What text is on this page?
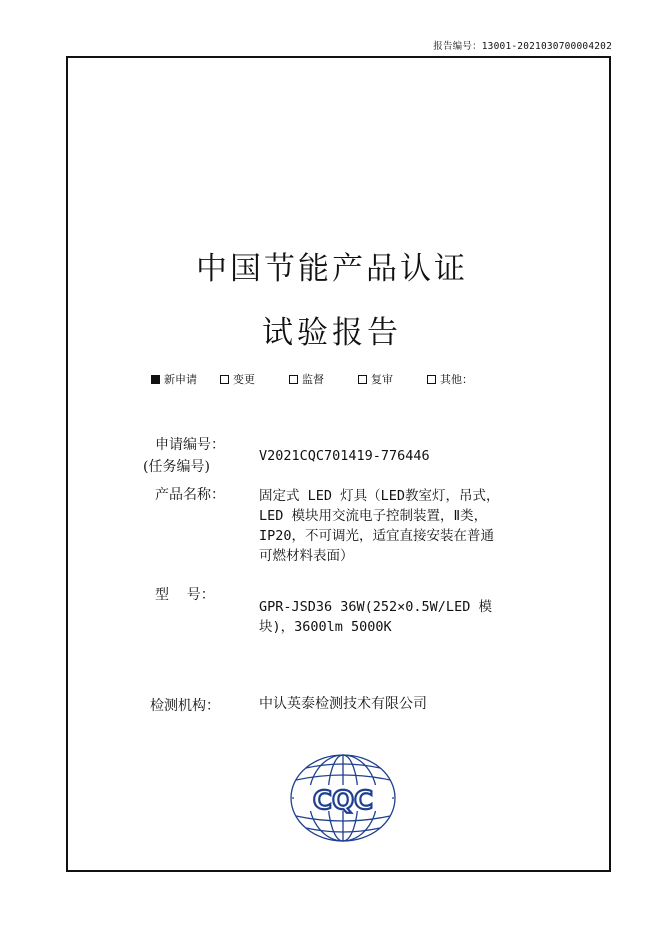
报告编号：13001-2021030700004202
中国节能产品认证
试验报告
新申请	变更	监督	复审	其他：
申请编号：
(任务编号)
V2021CQC701419-776446
产品名称：	固定式 LED 灯具（LED教室灯，吊式，
LED 模块用交流电子控制装置，Ⅱ类，
IP20，不可调光，适宜直接安装在普通
可燃材料表面）
型    号：
GPR-JSD36 36W(252×0.5W/LED 模
块)，3600lm 5000K
检测机构：	中认英泰检测技术有限公司
CQC
